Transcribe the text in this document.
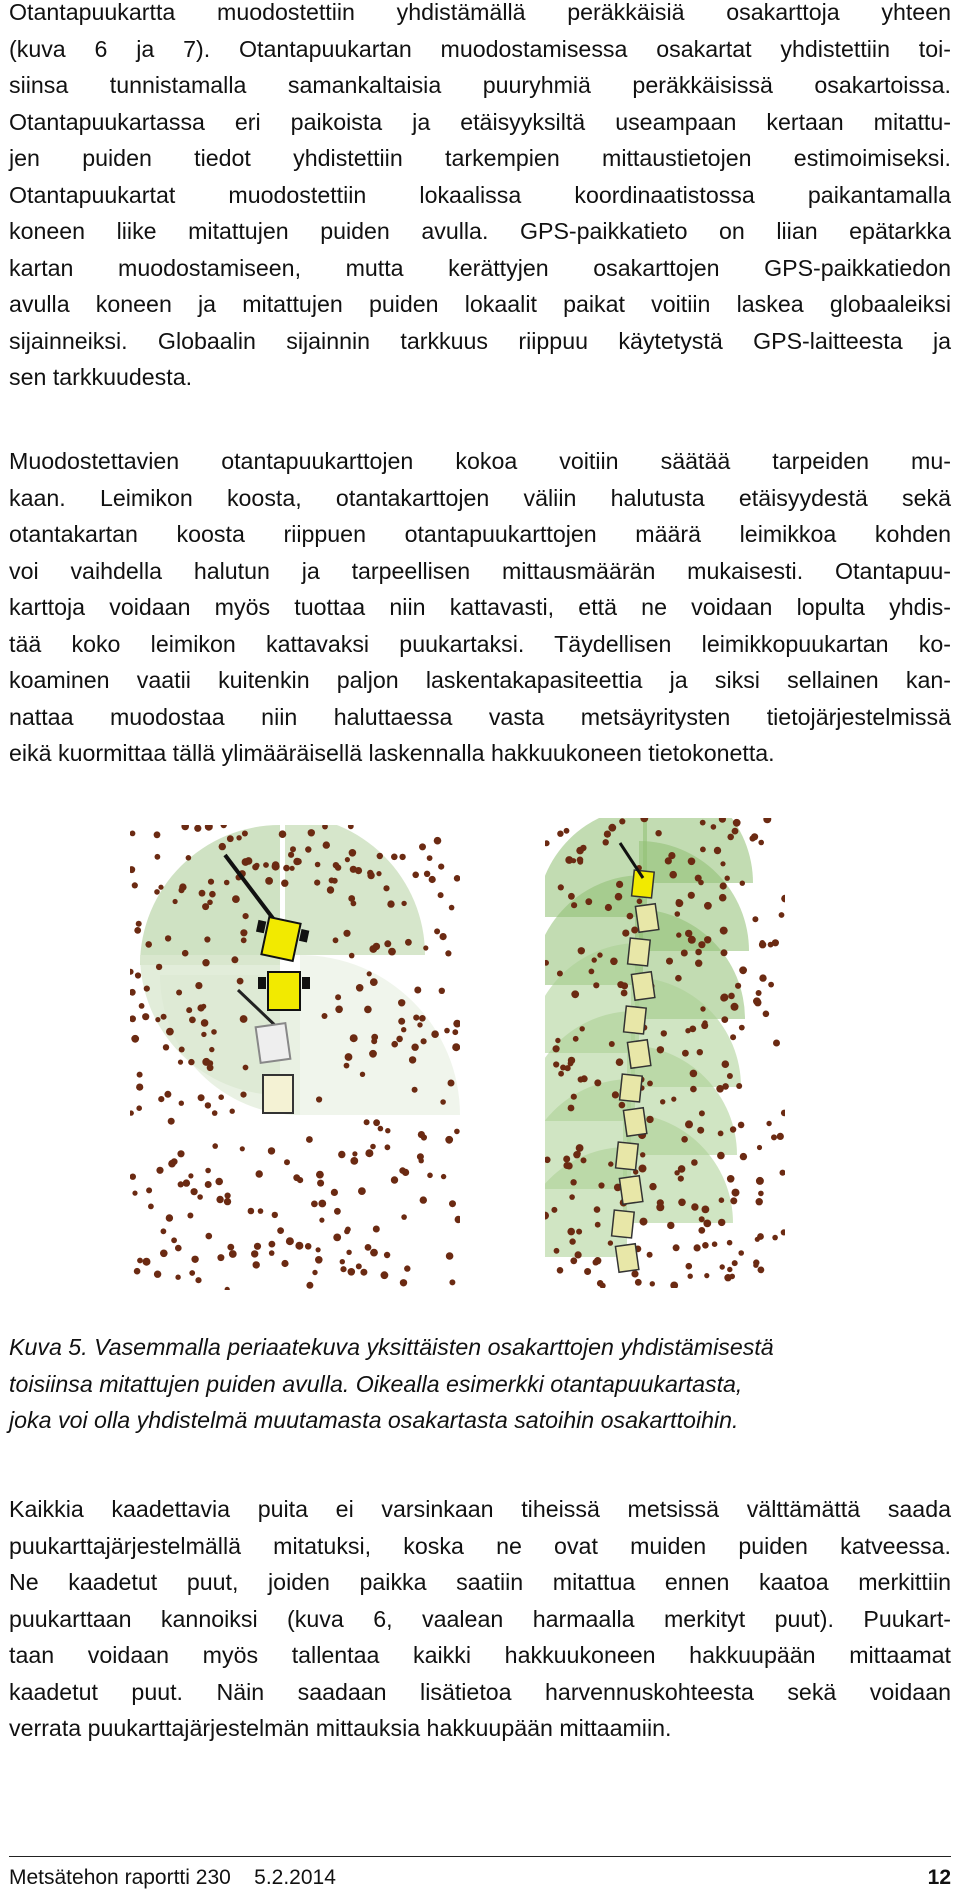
Otantapuukartta muodostettiin yhdistämällä peräkkäisiä osakarttoja yhteen
(kuva 6 ja 7). Otantapuukartan muodostamisessa osakartat yhdistettiin toi-
siinsa tunnistamalla samankaltaisia puuryhmiä peräkkäisissä osakartoissa.
Otantapuukartassa eri paikoista ja etäisyyksiltä useampaan kertaan mitattu-
jen puiden tiedot yhdistettiin tarkempien mittaustietojen estimoimiseksi.
Otantapuukartat muodostettiin lokaalissa koordinaatistossa paikantamalla
koneen liike mitattujen puiden avulla. GPS-paikkatieto on liian epätarkka
kartan muodostamiseen, mutta kerättyjen osakarttojen GPS-paikkatiedon
avulla koneen ja mitattujen puiden lokaalit paikat voitiin laskea globaaleiksi
sijainneiksi. Globaalin sijainnin tarkkuus riippuu käytetystä GPS-laitteesta ja
sen tarkkuudesta.
Muodostettavien otantapuukarttojen kokoa voitiin säätää tarpeiden mu-
kaan. Leimikon koosta, otantakarttojen väliin halutusta etäisyydestä sekä
otantakartan koosta riippuen otantapuukarttojen määrä leimikkoa kohden
voi vaihdella halutun ja tarpeellisen mittausmäärän mukaisesti. Otantapuu-
karttoja voidaan myös tuottaa niin kattavasti, että ne voidaan lopulta yhdis-
tää koko leimikon kattavaksi puukartaksi. Täydellisen leimikkopuukartan ko-
koaminen vaatii kuitenkin paljon laskentakapasiteettia ja siksi sellainen kan-
nattaa muodostaa niin haluttaessa vasta metsäyritysten tietojärjestelmissä
eikä kuormittaa tällä ylimääräisellä laskennalla hakkuukoneen tietokonetta.
Kuva 5. Vasemmalla periaatekuva yksittäisten osakarttojen yhdistämisestä
toisiinsa mitattujen puiden avulla. Oikealla esimerkki otantapuukartasta,
joka voi olla yhdistelmä muutamasta osakartasta satoihin osakarttoihin.
Kaikkia kaadettavia puita ei varsinkaan tiheissä metsissä välttämättä saada
puukarttajärjestelmällä mitatuksi, koska ne ovat muiden puiden katveessa.
Ne kaadetut puut, joiden paikka saatiin mitattua ennen kaatoa merkittiin
puukarttaan kannoiksi (kuva 6, vaalean harmaalla merkityt puut). Puukart-
taan voidaan myös tallentaa kaikki hakkuukoneen hakkuupään mittaamat
kaadetut puut. Näin saadaan lisätietoa harvennuskohteesta sekä voidaan
verrata puukarttajärjestelmän mittauksia hakkuupään mittaamiin.
Metsätehon raportti 230 5.2.2014	12
